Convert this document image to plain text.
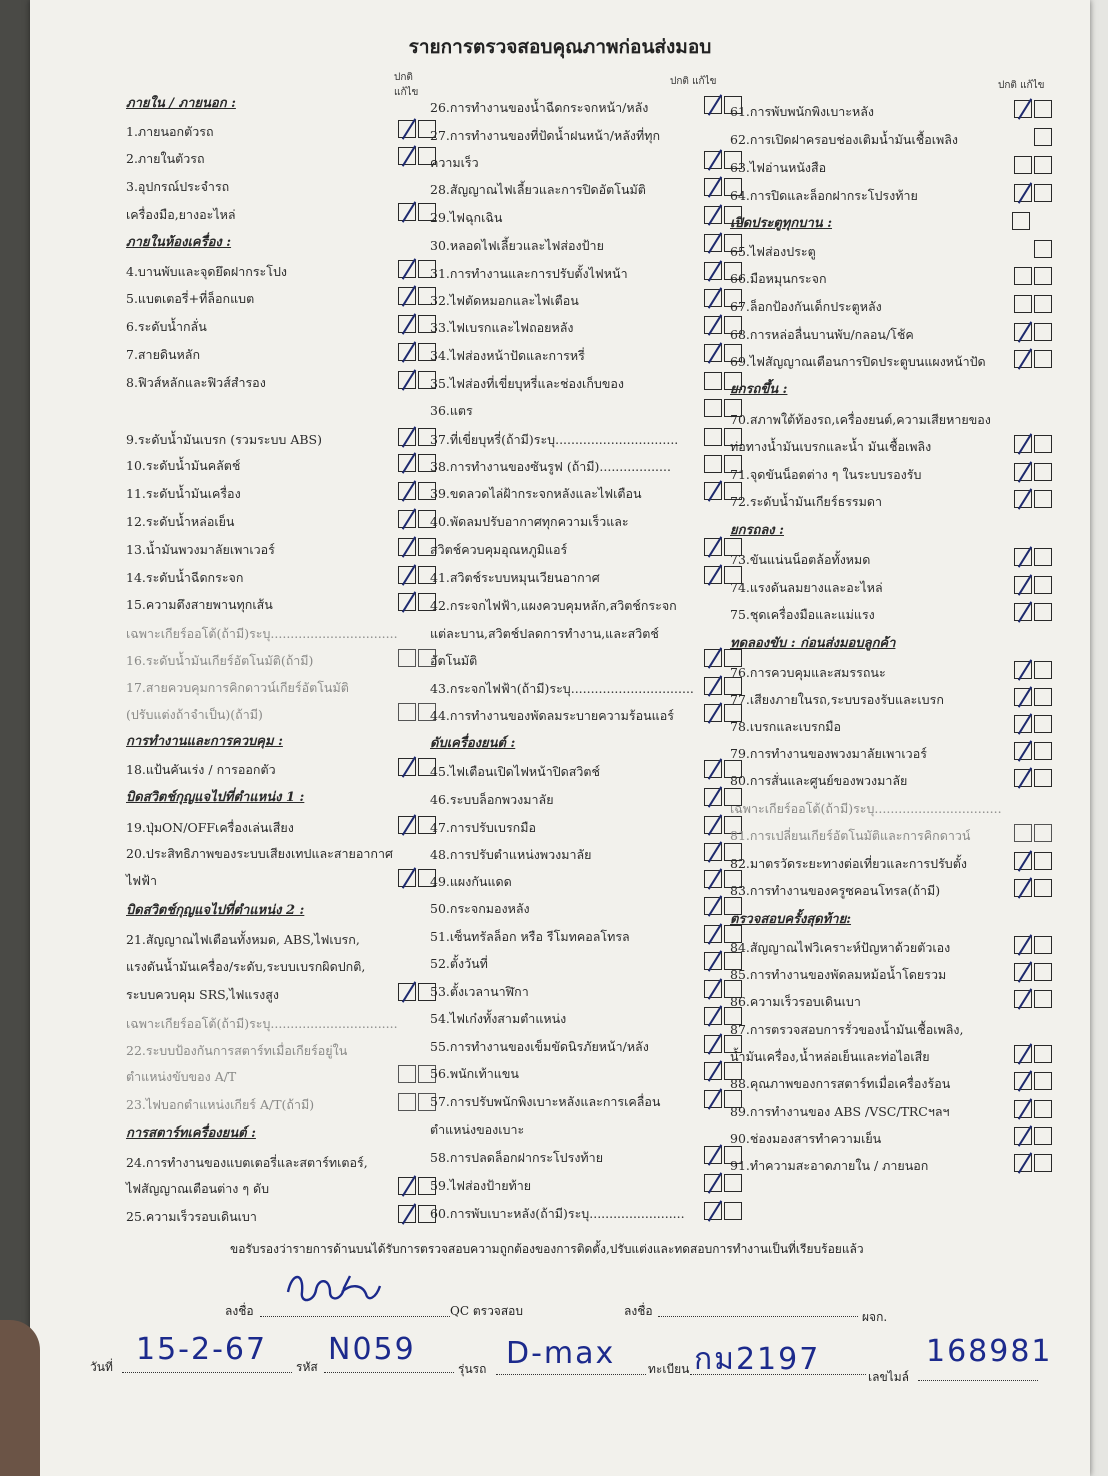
รายการตรวจสอบคุณภาพก่อนส่งมอบ
ปกติ แก้ไข
ภายใน / ภายนอก :
1.ภายนอกตัวรถ
2.ภายในตัวรถ
3.อุปกรณ์ประจำรถ
เครื่องมือ,ยางอะไหล่
ภายในห้องเครื่อง :
4.บานพับและจุดยึดฝากระโปง
5.แบตเตอรี่+ที่ล็อกแบต
6.ระดับน้ำกลั่น
7.สายดินหลัก
8.ฟิวส์หลักและฟิวส์สำรอง
9.ระดับน้ำมันเบรก (รวมระบบ ABS)
10.ระดับน้ำมันคลัตช์
11.ระดับน้ำมันเครื่อง
12.ระดับน้ำหล่อเย็น
13.น้ำมันพวงมาลัยเพาเวอร์
14.ระดับน้ำฉีดกระจก
15.ความตึงสายพานทุกเส้น
เฉพาะเกียร์ออโต้(ถ้ามี)ระบุ................................
16.ระดับน้ำมันเกียร์อัตโนมัติ(ถ้ามี)
17.สายควบคุมการคิกดาวน์เกียร์อัตโนมัติ
(ปรับแต่งถ้าจำเป็น)(ถ้ามี)
การทำงานและการควบคุม :
18.แป้นคันเร่ง / การออกตัว
บิดสวิตช์กุญแจไปที่ตำแหน่ง 1 :
19.ปุ่มON/OFFเครื่องเล่นเสียง
20.ประสิทธิภาพของระบบเสียงเทปและสายอากาศ
ไฟฟ้า
บิดสวิตช์กุญแจไปที่ตำแหน่ง 2 :
21.สัญญาณไฟเตือนทั้งหมด, ABS,ไฟเบรก,
แรงดันน้ำมันเครื่อง/ระดับ,ระบบเบรกผิดปกติ,
ระบบควบคุม SRS,ไฟแรงสูง
เฉพาะเกียร์ออโต้(ถ้ามี)ระบุ................................
22.ระบบป้องกันการสตาร์ทเมื่อเกียร์อยู่ใน
ตำแหน่งขับของ A/T
23.ไฟบอกตำแหน่งเกียร์ A/T(ถ้ามี)
การสตาร์ทเครื่องยนต์ :
24.การทำงานของแบตเตอรี่และสตาร์ทเตอร์,
ไฟสัญญาณเตือนต่าง ๆ ดับ
25.ความเร็วรอบเดินเบา
ปกติ แก้ไข
26.การทำงานของน้ำฉีดกระจกหน้า/หลัง
27.การทำงานของที่ปัดน้ำฝนหน้า/หลังที่ทุก
ความเร็ว
28.สัญญาณไฟเลี้ยวและการปิดอัตโนมัติ
29.ไฟฉุกเฉิน
30.หลอดไฟเลี้ยวและไฟส่องป้าย
31.การทำงานและการปรับตั้งไฟหน้า
32.ไฟตัดหมอกและไฟเตือน
33.ไฟเบรกและไฟถอยหลัง
34.ไฟส่องหน้าปัดและการหรี่
35.ไฟส่องที่เขี่ยบุหรี่และช่องเก็บของ
36.แตร
37.ที่เขี่ยบุหรี่(ถ้ามี)ระบุ...............................
38.การทำงานของซันรูฟ (ถ้ามี)..................
39.ขดลวดไล่ฝ้ากระจกหลังและไฟเตือน
40.พัดลมปรับอากาศทุกความเร็วและ
สวิตช์ควบคุมอุณหภูมิแอร์
41.สวิตช์ระบบหมุนเวียนอากาศ
42.กระจกไฟฟ้า,แผงควบคุมหลัก,สวิตช์กระจก
แต่ละบาน,สวิตช์ปลดการทำงาน,และสวิตช์
อัตโนมัติ
43.กระจกไฟฟ้า(ถ้ามี)ระบุ...............................
44.การทำงานของพัดลมระบายความร้อนแอร์
ดับเครื่องยนต์ :
45.ไฟเตือนเปิดไฟหน้าปิดสวิตช์
46.ระบบล็อกพวงมาลัย
47.การปรับเบรกมือ
48.การปรับตำแหน่งพวงมาลัย
49.แผงกันแดด
50.กระจกมองหลัง
51.เซ็นทรัลล็อก หรือ รีโมทคอลโทรล
52.ตั้งวันที่
53.ตั้งเวลานาฬิกา
54.ไฟเก๋งทั้งสามตำแหน่ง
55.การทำงานของเข็มขัดนิรภัยหน้า/หลัง
56.พนักเท้าแขน
57.การปรับพนักพิงเบาะหลังและการเคลื่อน
ตำแหน่งของเบาะ
58.การปลดล็อกฝากระโปรงท้าย
59.ไฟส่องป้ายท้าย
60.การพับเบาะหลัง(ถ้ามี)ระบุ........................
ปกติ แก้ไข
61.การพับพนักพิงเบาะหลัง
62.การเปิดฝาครอบช่องเติมน้ำมันเชื้อเพลิง
63.ไฟอ่านหนังสือ
64.การปิดและล็อกฝากระโปรงท้าย
เปิดประตูทุกบาน :
65.ไฟส่องประตู
66.มือหมุนกระจก
67.ล็อกป้องกันเด็กประตูหลัง
68.การหล่อลื่นบานพับ/กลอน/โช้ค
69.ไฟสัญญาณเตือนการปิดประตูบนแผงหน้าปัด
ยกรถขึ้น :
70.สภาพใต้ท้องรถ,เครื่องยนต์,ความเสียหายของ
ท่อทางน้ำมันเบรกและน้ำ มันเชื้อเพลิง
71.จุดขันน็อตต่าง ๆ ในระบบรองรับ
72.ระดับน้ำมันเกียร์ธรรมดา
ยกรถลง :
73.ขันแน่นน็อตล้อทั้งหมด
74.แรงดันลมยางและอะไหล่
75.ชุดเครื่องมือและแม่แรง
ทดลองขับ : ก่อนส่งมอบลูกค้า
76.การควบคุมและสมรรถนะ
77.เสียงภายในรถ,ระบบรองรับและเบรก
78.เบรกและเบรกมือ
79.การทำงานของพวงมาลัยเพาเวอร์
80.การสั่นและศูนย์ของพวงมาลัย
เฉพาะเกียร์ออโต้(ถ้ามี)ระบุ................................
81.การเปลี่ยนเกียร์อัตโนมัติและการคิกดาวน์
82.มาตรวัดระยะทางต่อเที่ยวและการปรับตั้ง
83.การทำงานของครูซคอนโทรล(ถ้ามี)
ตรวจสอบครั้งสุดท้าย:
84.สัญญาณไฟวิเคราะห์ปัญหาด้วยตัวเอง
85.การทำงานของพัดลมหม้อน้ำโดยรวม
86.ความเร็วรอบเดินเบา
87.การตรวจสอบการรั่วของน้ำมันเชื้อเพลิง,
น้ำมันเครื่อง,น้ำหล่อเย็นและท่อไอเสีย
88.คุณภาพของการสตาร์ทเมื่อเครื่องร้อน
89.การทำงานของ ABS /VSC/TRCฯลฯ
90.ช่องมองสารทำความเย็น
91.ทำความสะอาดภายใน / ภายนอก
ขอรับรองว่ารายการด้านบนได้รับการตรวจสอบความถูกต้องของการติดตั้ง,ปรับแต่งและทดสอบการทำงานเป็นที่เรียบร้อยแล้ว
ลงชื่อ	QC ตรวจสอบ	ลงชื่อ	ผจก.
วันที่ 15-2-67 รหัส N059
รุ่นรถ D-max	ทะเบียน กม2197	เลขไมล์
168981
